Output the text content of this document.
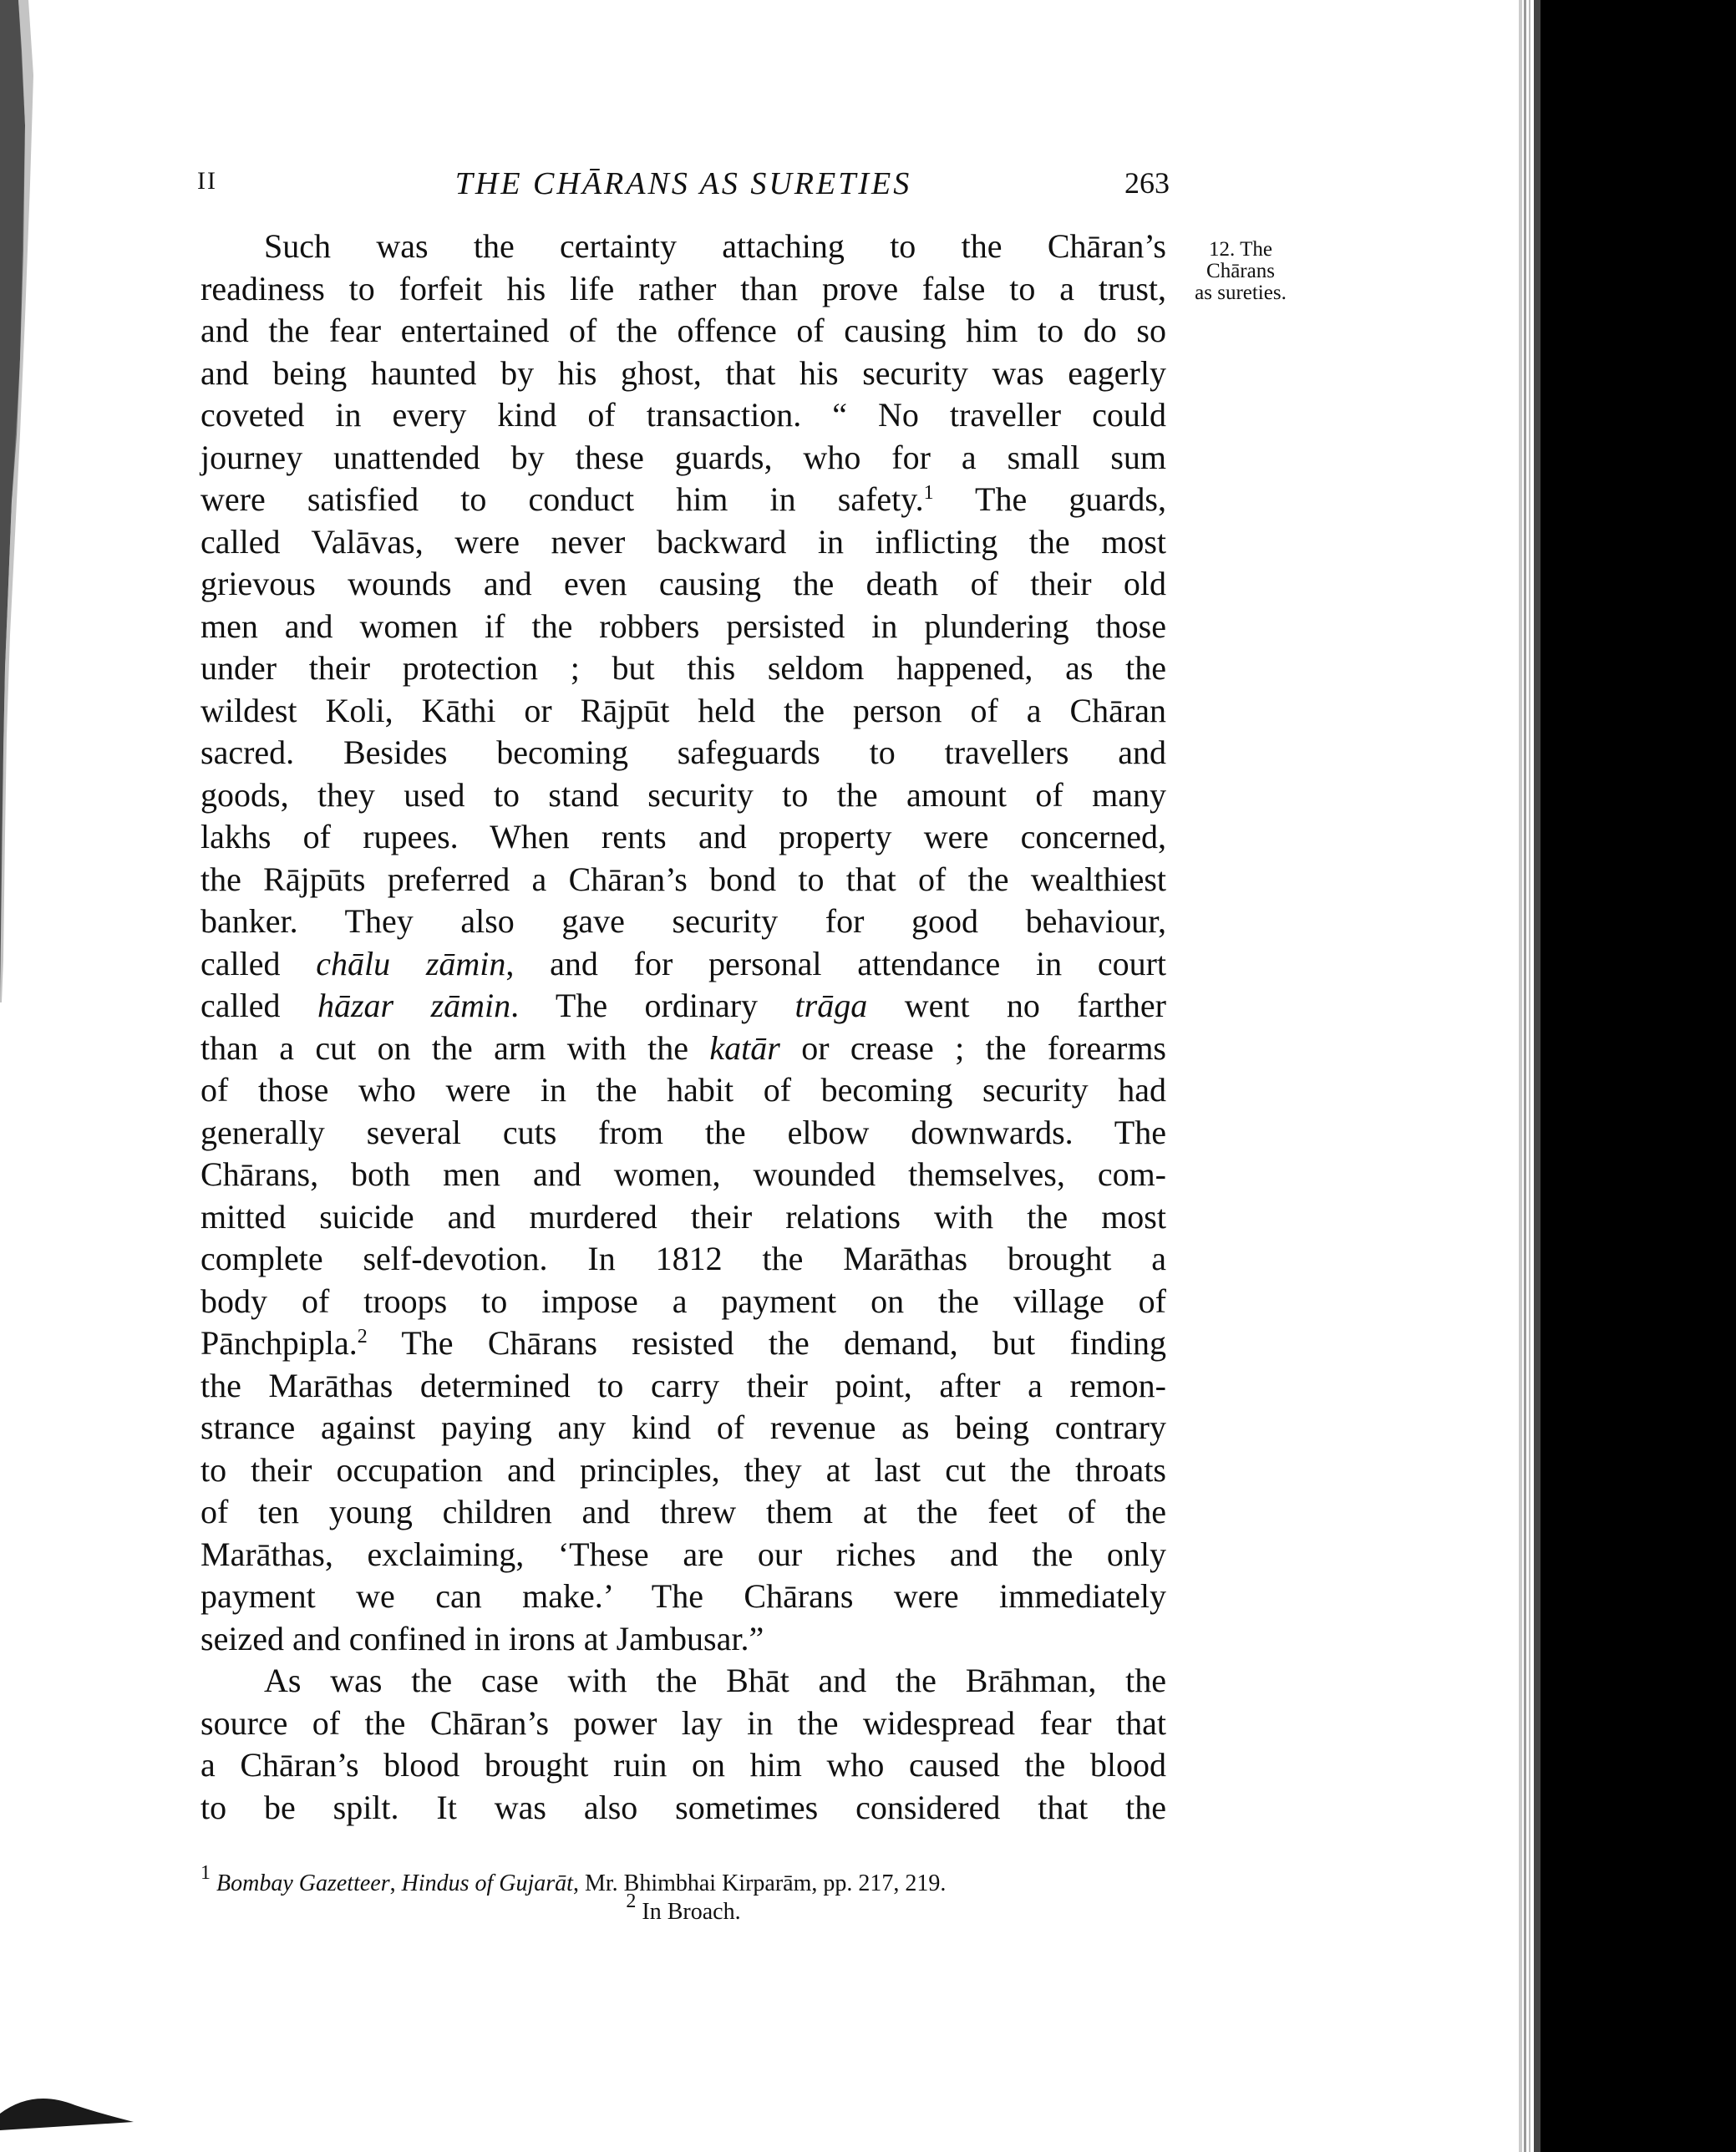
II	THE CHĀRANS AS SURETIES	263
12. The
Chārans
as sureties.
Such was the certainty attaching to the Chāran’s
readiness to forfeit his life rather than prove false to a trust,
and the fear entertained of the offence of causing him to do so
and being haunted by his ghost, that his security was eagerly
coveted in every kind of transaction. “ No traveller could
journey unattended by these guards, who for a small sum
were satisfied to conduct him in safety.$^1$ The guards,
called Valāvas, were never backward in inflicting the most
grievous wounds and even causing the death of their old
men and women if the robbers persisted in plundering those
under their protection ; but this seldom happened, as the
wildest Koli, Kāthi or Rājpūt held the person of a Chāran
sacred. Besides becoming safeguards to travellers and
goods, they used to stand security to the amount of many
lakhs of rupees. When rents and property were concerned,
the Rājpūts preferred a Chāran’s bond to that of the wealthiest
banker. They also gave security for good behaviour,
called chālu zāmin, and for personal attendance in court
called hāzar zāmin. The ordinary trāga went no farther
than a cut on the arm with the katār or crease ; the forearms
of those who were in the habit of becoming security had
generally several cuts from the elbow downwards. The
Chārans, both men and women, wounded themselves, com-
mitted suicide and murdered their relations with the most
complete self-devotion. In 1812 the Marāthas brought a
body of troops to impose a payment on the village of
Pānchpipla.$^2$ The Chārans resisted the demand, but finding
the Marāthas determined to carry their point, after a remon-
strance against paying any kind of revenue as being contrary
to their occupation and principles, they at last cut the throats
of ten young children and threw them at the feet of the
Marāthas, exclaiming, ‘These are our riches and the only
payment we can make.’ The Chārans were immediately
seized and confined in irons at Jambusar.”
As was the case with the Bhāt and the Brāhman, the
source of the Chāran’s power lay in the widespread fear that
a Chāran’s blood brought ruin on him who caused the blood
to be spilt. It was also sometimes considered that the
$^1$ Bombay Gazetteer, Hindus of Gujarāt, Mr. Bhimbhai Kirparām, pp. 217, 219.
$^2$ In Broach.
